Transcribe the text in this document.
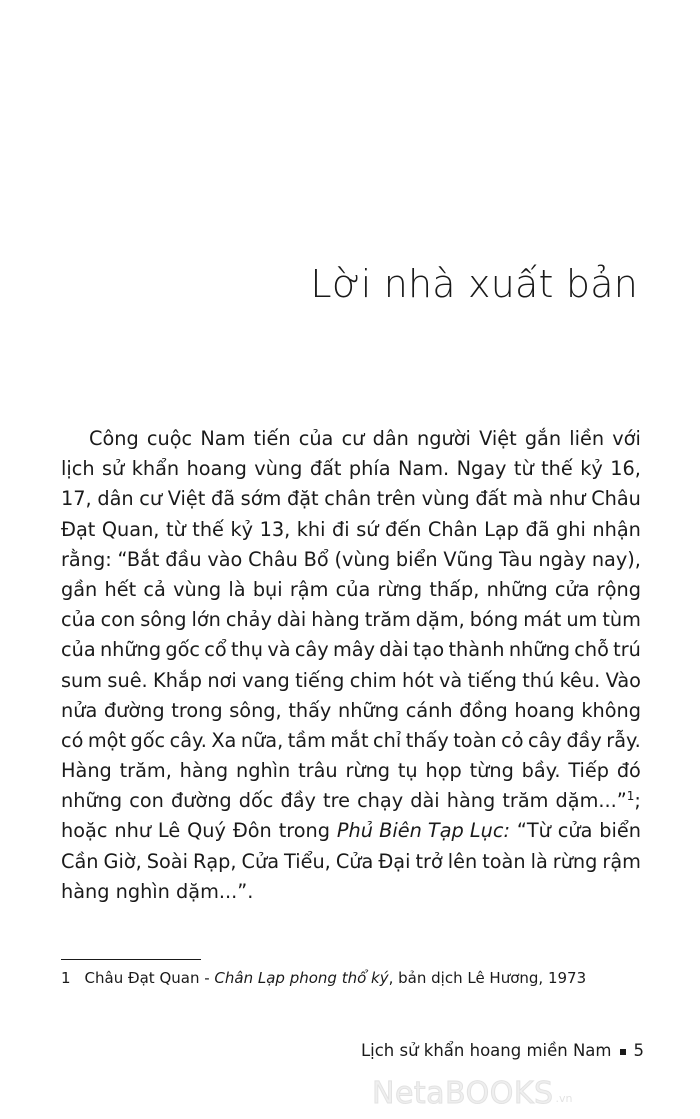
Lời nhà xuất bản
Công cuộc Nam tiến của cư dân người Việt gắn liền với
lịch sử khẩn hoang vùng đất phía Nam. Ngay từ thế kỷ 16,
17, dân cư Việt đã sớm đặt chân trên vùng đất mà như Châu
Đạt Quan, từ thế kỷ 13, khi đi sứ đến Chân Lạp đã ghi nhận
rằng: “Bắt đầu vào Châu Bổ (vùng biển Vũng Tàu ngày nay),
gần hết cả vùng là bụi rậm của rừng thấp, những cửa rộng
của con sông lớn chảy dài hàng trăm dặm, bóng mát um tùm
của những gốc cổ thụ và cây mây dài tạo thành những chỗ trú
sum suê. Khắp nơi vang tiếng chim hót và tiếng thú kêu. Vào
nửa đường trong sông, thấy những cánh đồng hoang không
có một gốc cây. Xa nữa, tầm mắt chỉ thấy toàn cỏ cây đầy rẫy.
Hàng trăm, hàng nghìn trâu rừng tụ họp từng bầy. Tiếp đó
những con đường dốc đầy tre chạy dài hàng trăm dặm...”1;
hoặc như Lê Quý Đôn trong Phủ Biên Tạp Lục: “Từ cửa biển
Cần Giờ, Soài Rạp, Cửa Tiểu, Cửa Đại trở lên toàn là rừng rậm
hàng nghìn dặm...”.
1 Châu Đạt Quan - Chân Lạp phong thổ ký, bản dịch Lê Hương, 1973
Lịch sử khẩn hoang miền Nam 5
NetaBOOKS .vn
